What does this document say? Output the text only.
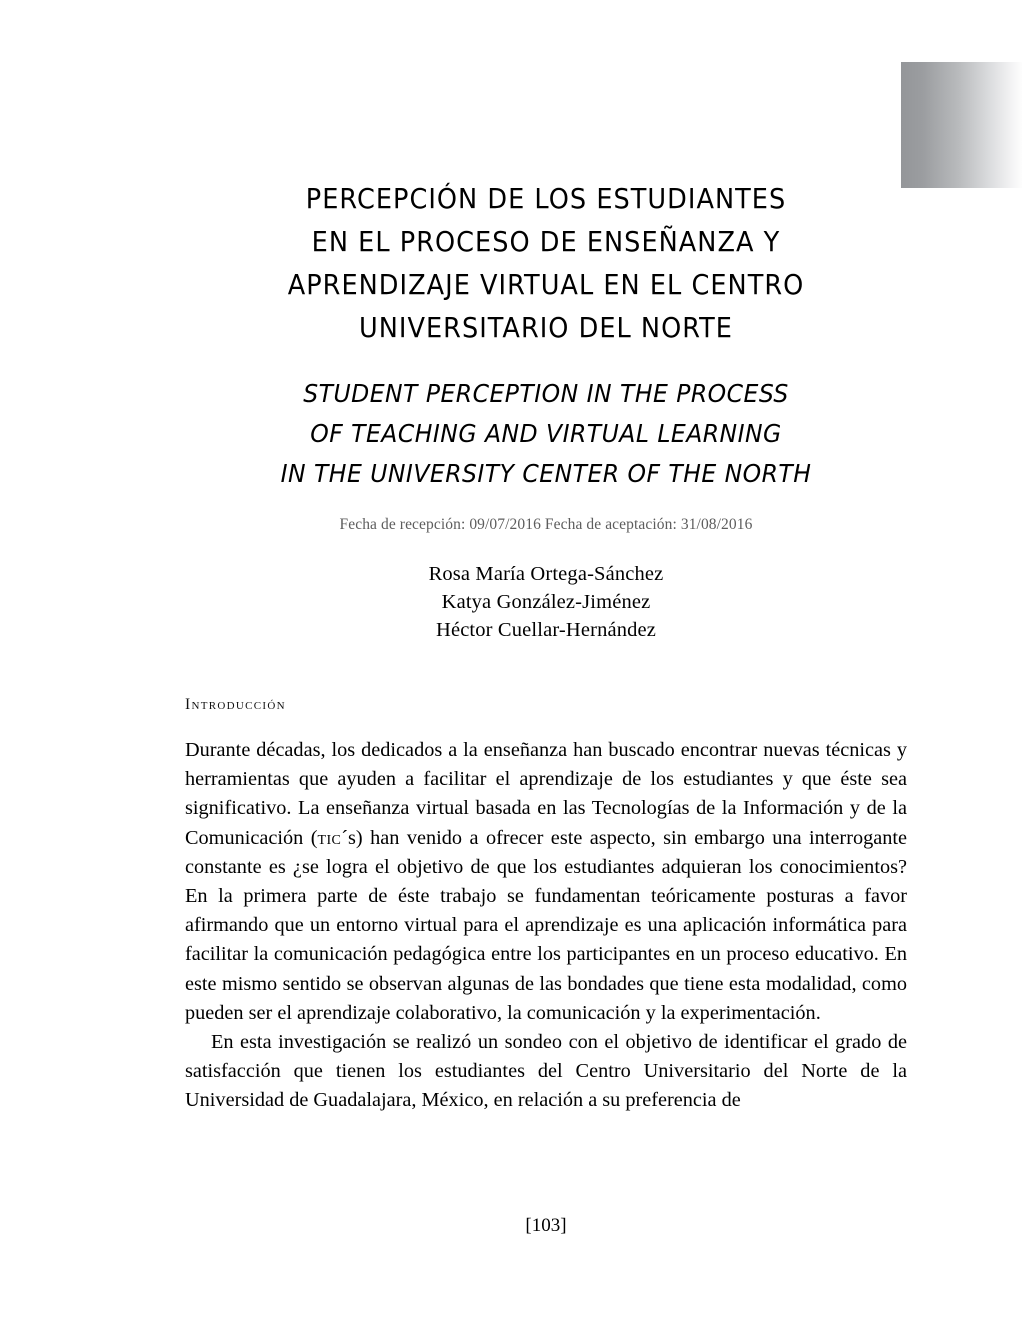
PERCEPCIÓN DE LOS ESTUDIANTES
EN EL PROCESO DE ENSEÑANZA Y
APRENDIZAJE VIRTUAL EN EL CENTRO
UNIVERSITARIO DEL NORTE
STUDENT PERCEPTION IN THE PROCESS
OF TEACHING AND VIRTUAL LEARNING
IN THE UNIVERSITY CENTER OF THE NORTH
Fecha de recepción: 09/07/2016 Fecha de aceptación: 31/08/2016
Rosa María Ortega-Sánchez
Katya González-Jiménez
Héctor Cuellar-Hernández
Introducción

Durante décadas, los dedicados a la enseñanza han buscado encontrar nuevas técnicas y herramientas que ayuden a facilitar el aprendizaje de los estudiantes y que éste sea significativo. La enseñanza virtual basada en las Tecnologías de la Información y de la Comunicación (tic´s) han venido a ofrecer este aspecto, sin embargo una interrogante constante es ¿se logra el objetivo de que los estudiantes adquieran los conocimientos? En la primera parte de éste trabajo se fundamentan teóricamente posturas a favor afirmando que un entorno virtual para el aprendizaje es una aplicación informática para facilitar la comunicación pedagógica entre los participantes en un proceso educativo. En este mismo sentido se observan algunas de las bondades que tiene esta modalidad, como pueden ser el aprendizaje colaborativo, la comunicación y la experimentación.

En esta investigación se realizó un sondeo con el objetivo de identificar el grado de satisfacción que tienen los estudiantes del Centro Universitario del Norte de la Universidad de Guadalajara, México, en relación a su preferencia de

[103]
